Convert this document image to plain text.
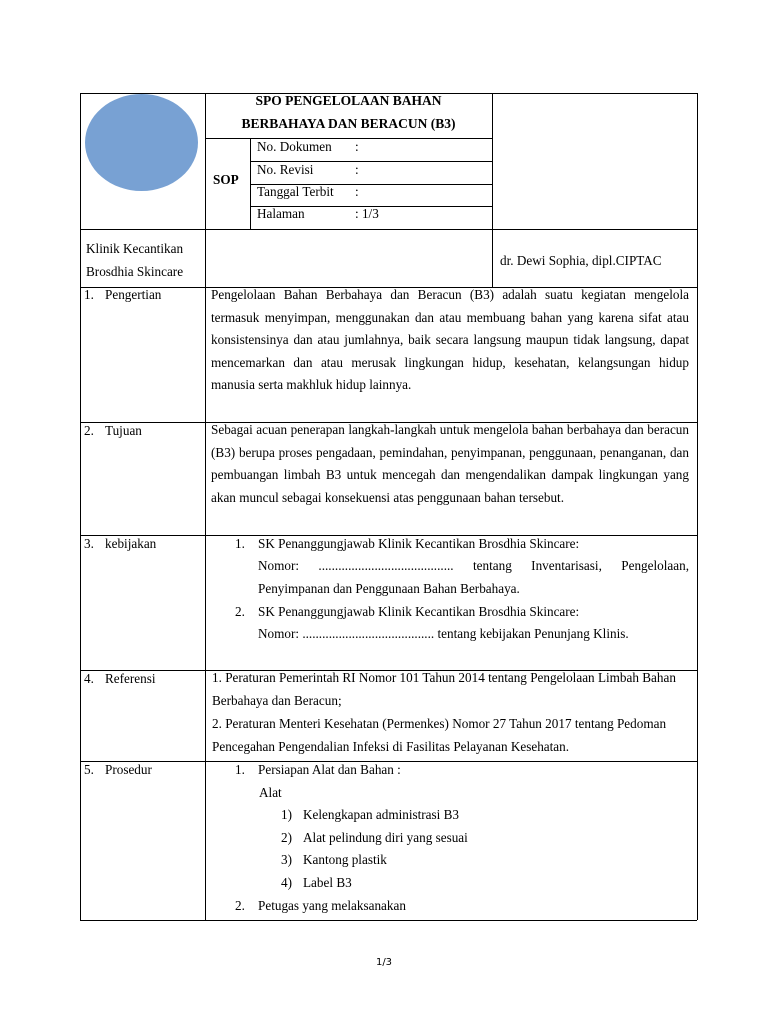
SPO PENGELOLAAN BAHAN
BERBAHAYA DAN BERACUN (B3)
SOP
No. Dokumen :
No. Revisi	:
Tanggal Terbit :
Halaman	: 1/3
Klinik Kecantikan
Brosdhia Skincare
dr. Dewi Sophia, dipl.CIPTAC
1. Pengertian
2. Tujuan
3. kebijakan
4. Referensi
5. Prosedur
Pengelolaan Bahan Berbahaya dan Beracun (B3) adalah suatu kegiatan mengelola termasuk menyimpan, menggunakan dan atau membuang bahan yang karena sifat atau konsistensinya dan atau jumlahnya, baik secara langsung maupun tidak langsung, dapat mencemarkan dan atau merusak lingkungan hidup, kesehatan, kelangsungan hidup manusia serta makhluk hidup lainnya.
Sebagai acuan penerapan langkah-langkah untuk mengelola bahan berbahaya dan beracun (B3) berupa proses pengadaan, pemindahan, penyimpanan, penggunaan, penanganan, dan pembuangan limbah B3 untuk mencegah dan mengendalikan dampak lingkungan yang akan muncul sebagai konsekuensi atas penggunaan bahan tersebut.
1. SK Penanggungjawab Klinik Kecantikan Brosdhia Skincare:
Nomor: ......................................... tentang Inventarisasi, Pengelolaan, Penyimpanan dan Penggunaan Bahan Berbahaya.
2. SK Penanggungjawab Klinik Kecantikan Brosdhia Skincare:
Nomor: ........................................ tentang kebijakan Penunjang Klinis.
1. Peraturan Pemerintah RI Nomor 101 Tahun 2014 tentang Pengelolaan Limbah Bahan Berbahaya dan Beracun;
2. Peraturan Menteri Kesehatan (Permenkes) Nomor 27 Tahun 2017 tentang Pedoman Pencegahan Pengendalian Infeksi di Fasilitas Pelayanan Kesehatan.
1. Persiapan Alat dan Bahan :
Alat
1) Kelengkapan administrasi B3
2) Alat pelindung diri yang sesuai
3) Kantong plastik
4) Label B3
2. Petugas yang melaksanakan
1/3
